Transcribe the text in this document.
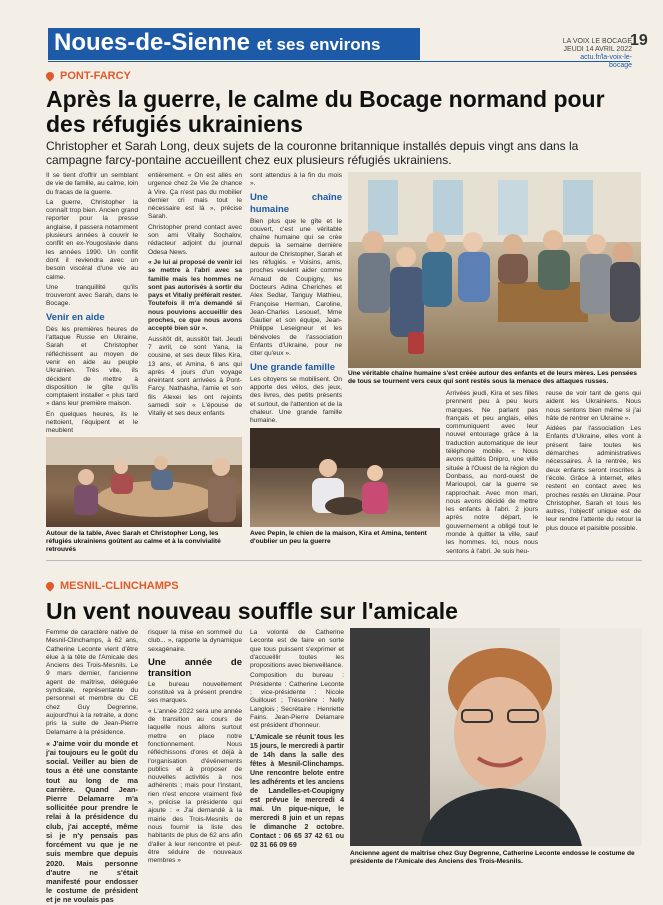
Noues-de-Sienne et ses environs	LA VOIX LE BOCAGE
JEUDI 14 AVRIL 2022
actu.fr/la-voix-le-bocage
19
PONT-FARCY
Après la guerre, le calme du Bocage normand pour des réfugiés ukrainiens

Christopher et Sarah Long, deux sujets de la couronne britannique installés depuis vingt ans dans la campagne farcy-pontaine accueillent chez eux plusieurs réfugiés ukrainiens.

Il se tient d'offrir un semblant de vie de famille, au calme, loin du fracas de la guerre.

La guerre, Christopher la connaît trop bien. Ancien grand reporter pour la presse anglaise, il passera notamment plusieurs années à couvrir le conflit en ex-Yougoslavie dans les années 1990. Un conflit dont il reviendra avec un besoin viscéral d'une vie au calme.

Une tranquillité qu'ils trouveront avec Sarah, dans le Bocage.

Venir en aide

Dès les premières heures de l'attaque Russe en Ukraine, Sarah et Christopher réfléchissent au moyen de venir en aide au peuple Ukrainien. Très vite, ils décident de mettre à disposition le gîte qu'ils comptaient installer « plus tard » dans leur première maison.

En quelques heures, ils le nettoient, l'équipent et le meublent

entièrement. « On est allés en urgence chez 2e Vie 2e chance à Vire. Ça n'est pas du mobilier dernier cri mais tout le nécessaire est là », précise Sarah.

Christopher prend contact avec son ami Vitaliy Sochalov, rédacteur adjoint du journal Odesa News.

« Je lui ai proposé de venir ici se mettre à l'abri avec sa famille mais les hommes ne sont pas autorisés à sortir du pays et Vitaliy préférait rester. Toutefois il m'a demandé si nous pouvions accueillir des proches, ce que nous avons accepté bien sûr ».

Aussitôt dit, aussitôt fait. Jeudi 7 avril, ce sont Yana, la cousine, et ses deux filles Kira, 13 ans, et Amina, 6 ans qui après 4 jours d'un voyage éreintant sont arrivées à Pont-Farcy. Nathasha, l'amie et son fils Alexei les ont rejoints samedi soir « L'épouse de Vitaliy et ses deux enfants

sont attendus à la fin du mois ».

Une chaîne humaine

Bien plus que le gîte et le couvert, c'est une véritable chaîne humaine qui se crée depuis la semaine dernière autour de Christopher, Sarah et les réfugiés. « Voisins, amis, proches veulent aider comme Arnaud de Coupigny, les Docteurs Adina Cheriches et Alex Sedlar, Tanguy Mathieu, Françoise Herman, Caroline, Jean-Charles Lesouef, Mme Gautier et son équipe, Jean-Philippe Leseigneur et les bénévoles de l'association Enfants d'Ukraine, pour ne citer qu'eux ».

Une grande famille

Les citoyens se mobilisent. On apporte des vélos, des jeux, des livres, des petits présents et surtout, de l'attention et de la chaleur. Une grande famille humaine.

Une véritable chaîne humaine s'est créée autour des enfants et de leurs mères. Les pensées de tous se tournent vers ceux qui sont restés sous la menace des attaques russes.
Autour de la table, Avec Sarah et Christopher Long, les réfugiés ukrainiens goûtent au calme et à la convivialité retrouvés
Avec Pepin, le chien de la maison, Kira et Amina, tentent d'oublier un peu la guerre

Arrivées jeudi, Kira et ses filles prennent peu à peu leurs marques. Ne parlant pas français et peu anglais, elles communiquent avec leur nouvel entourage grâce à la traduction automatique de leur téléphone mobile. « Nous avons quittés Dnipro, une ville située à l'Ouest de la région du Donbass, au nord-ouest de Marioupol, car la guerre se rapprochait. Avec mon mari, nous avons décidé de mettre les enfants à l'abri. 2 jours après notre départ, le gouvernement a obligé tout le monde à quitter la ville, sauf les hommes. Ici, nous nous sentons à l'abri. Je suis heu-

reuse de voir tant de gens qui aident les Ukrainiens. Nous nous sentons bien même si j'ai hâte de rentrer en Ukraine ».

Aidées par l'association Les Enfants d'Ukraine, elles vont à présent faire toutes les démarches administratives nécessaires. À la rentrée, les deux enfants seront inscrites à l'école. Grâce à internet, elles restent en contact avec les proches restés en Ukraine. Pour Christopher, Sarah et tous les autres, l'objectif unique est de leur rendre l'attente du retour la plus douce et paisible possible.

MESNIL-CLINCHAMPS
Un vent nouveau souffle sur l'amicale

Femme de caractère native de Mesnil-Clinchamps, à 62 ans, Catherine Leconte vient d'être élue à la tête de l'Amicale des Anciens des Trois-Mesnils. Le 9 mars dernier, l'ancienne agent de maîtrise, déléguée syndicale, représentante du personnel et membre du CE chez Guy Degrenne, aujourd'hui à la retraite, a donc pris la suite de Jean-Pierre Delamarre à la présidence.

« J'aime voir du monde et j'ai toujours eu le goût du social. Veiller au bien de tous a été une constante tout au long de ma carrière. Quand Jean-Pierre Delamarre m'a sollicitée pour prendre le relai à la présidence du club, j'ai accepté, même si je n'y pensais pas forcément vu que je ne suis membre que depuis 2020. Mais personne d'autre ne s'était manifesté pour endosser le costume de président et je ne voulais pas

risquer la mise en sommeil du club... », rapporte la dynamique sexagénaire.

Une année de transition

Le bureau nouvellement constitué va à présent prendre ses marques.

« L'année 2022 sera une année de transition au cours de laquelle nous allons surtout mettre en place notre fonctionnement. Nous réfléchissons d'ores et déjà à l'organisation d'événements publics et à proposer de nouvelles activités à nos adhérents ; mais pour l'instant, rien n'est encore vraiment fixé », précise la présidente qui ajoute : « J'ai demandé à la mairie des Trois-Mesnils de nous fournir la liste des habitants de plus de 62 ans afin d'aller à leur rencontre et peut-être séduire de nouveaux membres »

La volonté de Catherine Leconte est de faire en sorte que tous puissent s'exprimer et d'accueillir toutes les propositions avec bienveillance.

Composition du bureau : Présidente : Catherine Leconte ; vice-présidente : Nicole Guillouet ; Trésorière : Nelly Langlois ; Secrétaire : Henriette Fains. Jean-Pierre Delamare est président d'honneur.

L'Amicale se réunit tous les 15 jours, le mercredi à partir de 14h dans la salle des fêtes à Mesnil-Clinchamps. Une rencontre belote entre les adhérents et les anciens de Landelles-et-Coupigny est prévue le mercredi 4 mai. Un pique-nique, le mercredi 8 juin et un repas le dimanche 2 octobre. Contact : 06 65 37 42 61 ou 02 31 66 09 69

Ancienne agent de maîtrise chez Guy Degrenne, Catherine Leconte endosse le costume de présidente de l'Amicale des Anciens des Trois-Mesnils.
